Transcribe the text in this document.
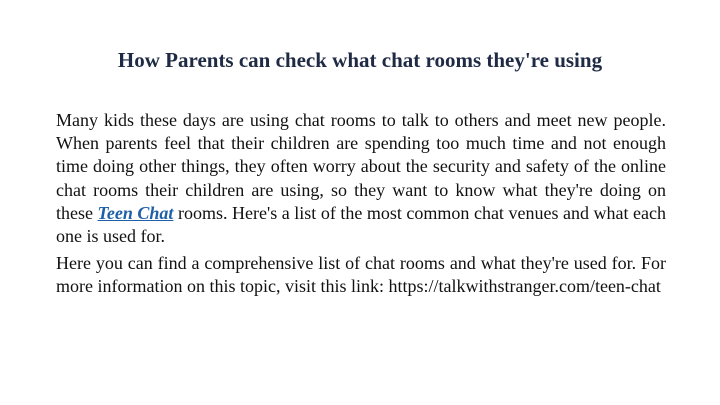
How Parents can check what chat rooms they're using

Many kids these days are using chat rooms to talk to others and meet new people. When parents feel that their children are spending too much time and not enough time doing other things, they often worry about the security and safety of the online chat rooms their children are using, so they want to know what they're doing on these Teen Chat rooms. Here's a list of the most common chat venues and what each one is used for.

Here you can find a comprehensive list of chat rooms and what they're used for. For more information on this topic, visit this link: https://talkwithstranger.com/teen-chat
